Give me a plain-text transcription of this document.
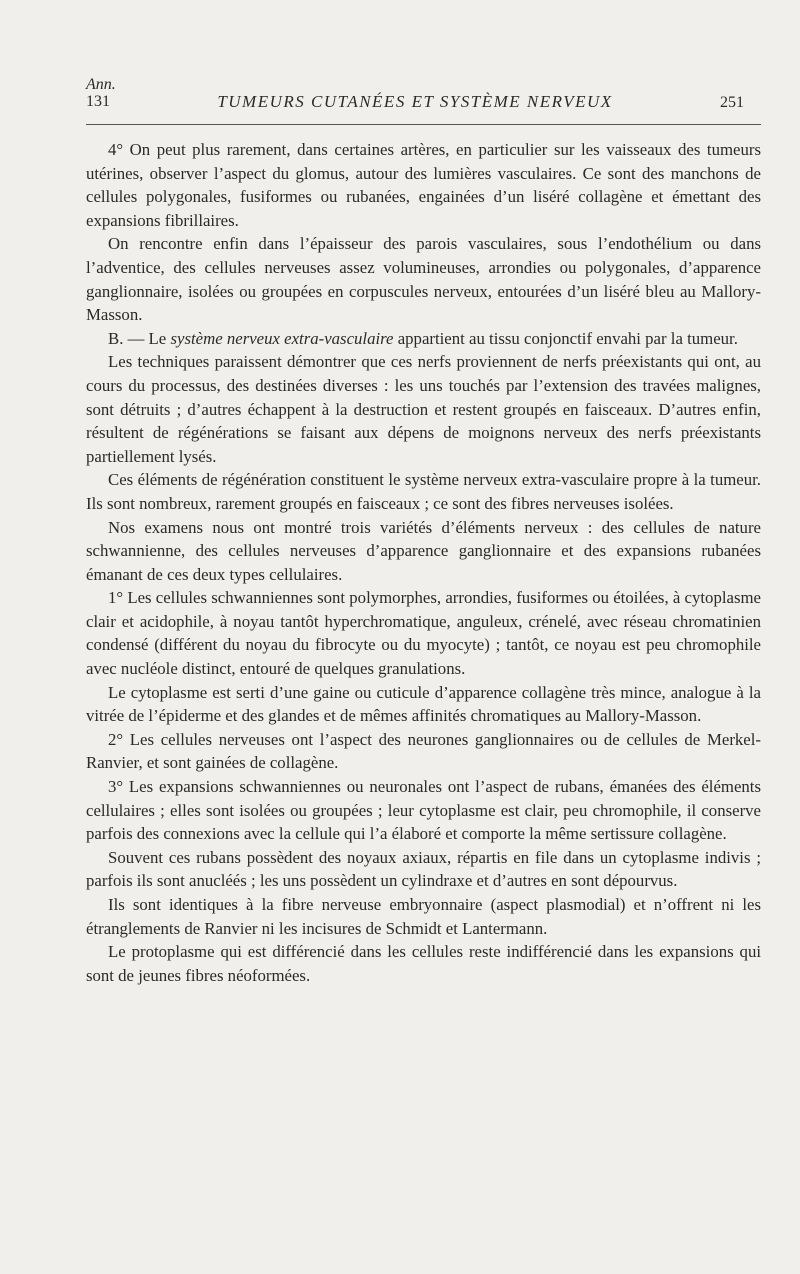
Ann.
131	TUMEURS CUTANÉES ET SYSTÈME NERVEUX	251

4° On peut plus rarement, dans certaines artères, en particulier sur les vaisseaux des tumeurs utérines, observer l’aspect du glomus, autour des lumières vasculaires. Ce sont des manchons de cellules polygonales, fusiformes ou rubanées, engainées d’un liséré collagène et émettant des expansions fibrillaires.

On rencontre enfin dans l’épaisseur des parois vasculaires, sous l’endothélium ou dans l’adventice, des cellules nerveuses assez volumineuses, arrondies ou polygonales, d’apparence ganglionnaire, isolées ou groupées en corpuscules nerveux, entourées d’un liséré bleu au Mallory-Masson.

B. — Le système nerveux extra-vasculaire appartient au tissu conjonctif envahi par la tumeur.

Les techniques paraissent démontrer que ces nerfs proviennent de nerfs préexistants qui ont, au cours du processus, des destinées diverses : les uns touchés par l’extension des travées malignes, sont détruits ; d’autres échappent à la destruction et restent groupés en faisceaux. D’autres enfin, résultent de régénérations se faisant aux dépens de moignons nerveux des nerfs préexistants partiellement lysés.

Ces éléments de régénération constituent le système nerveux extra-vasculaire propre à la tumeur. Ils sont nombreux, rarement groupés en faisceaux ; ce sont des fibres nerveuses isolées.

Nos examens nous ont montré trois variétés d’éléments nerveux : des cellules de nature schwannienne, des cellules nerveuses d’apparence ganglionnaire et des expansions rubanées émanant de ces deux types cellulaires.

1° Les cellules schwanniennes sont polymorphes, arrondies, fusiformes ou étoilées, à cytoplasme clair et acidophile, à noyau tantôt hyperchromatique, anguleux, crénelé, avec réseau chromatinien condensé (différent du noyau du fibrocyte ou du myocyte) ; tantôt, ce noyau est peu chromophile avec nucléole distinct, entouré de quelques granulations.

Le cytoplasme est serti d’une gaine ou cuticule d’apparence collagène très mince, analogue à la vitrée de l’épiderme et des glandes et de mêmes affinités chromatiques au Mallory-Masson.

2° Les cellules nerveuses ont l’aspect des neurones ganglionnaires ou de cellules de Merkel-Ranvier, et sont gainées de collagène.

3° Les expansions schwanniennes ou neuronales ont l’aspect de rubans, émanées des éléments cellulaires ; elles sont isolées ou groupées ; leur cytoplasme est clair, peu chromophile, il conserve parfois des connexions avec la cellule qui l’a élaboré et comporte la même sertissure collagène.

Souvent ces rubans possèdent des noyaux axiaux, répartis en file dans un cytoplasme indivis ; parfois ils sont anucléés ; les uns possèdent un cylindraxe et d’autres en sont dépourvus.

Ils sont identiques à la fibre nerveuse embryonnaire (aspect plasmodial) et n’offrent ni les étranglements de Ranvier ni les incisures de Schmidt et Lantermann.

Le protoplasme qui est différencié dans les cellules reste indifférencié dans les expansions qui sont de jeunes fibres néoformées.
